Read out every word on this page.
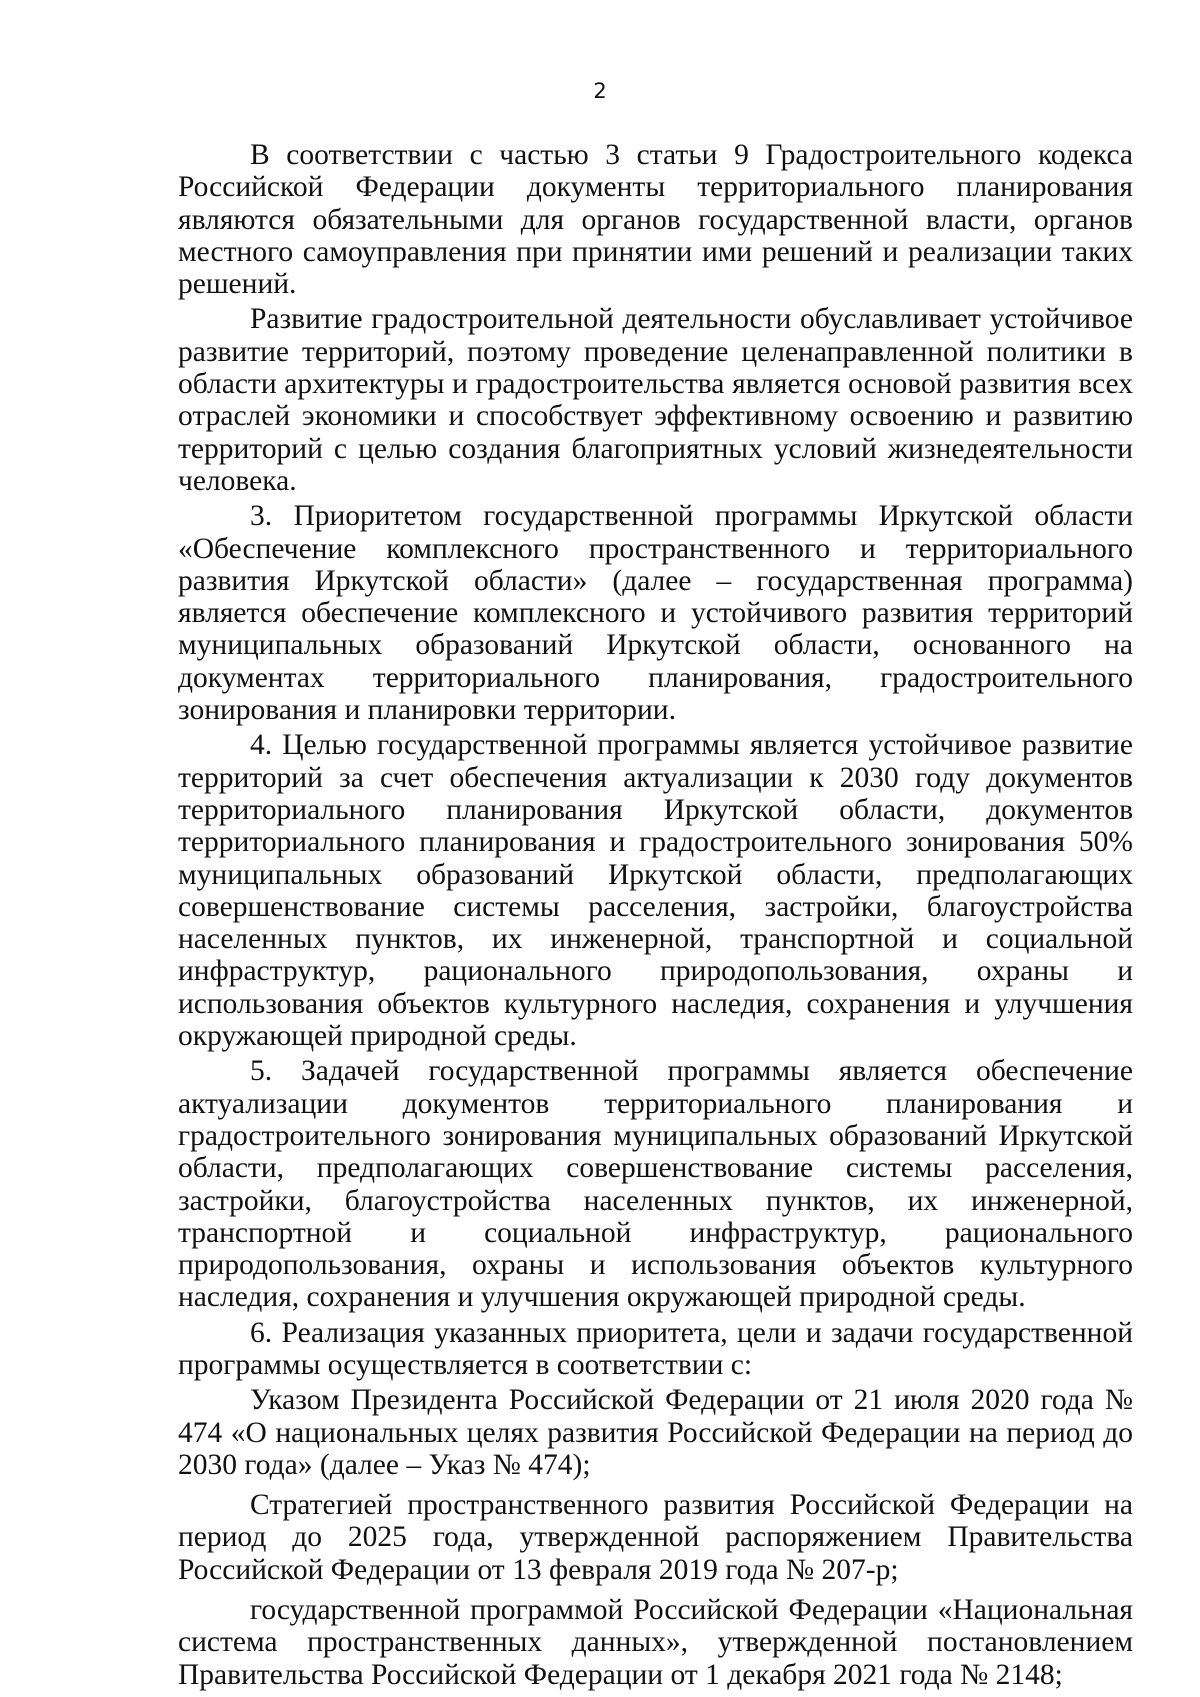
2

В соответствии с частью 3 статьи 9 Градостроительного кодекса Российской Федерации документы территориального планирования являются обязательными для органов государственной власти, органов местного самоуправления при принятии ими решений и реализации таких решений.

Развитие градостроительной деятельности обуславливает устойчивое развитие территорий, поэтому проведение целенаправленной политики в области архитектуры и градостроительства является основой развития всех отраслей экономики и способствует эффективному освоению и развитию территорий с целью создания благоприятных условий жизнедеятельности человека.

3. Приоритетом государственной программы Иркутской области «Обеспечение комплексного пространственного и территориального развития Иркутской области» (далее – государственная программа) является обеспечение комплексного и устойчивого развития территорий муниципальных образований Иркутской области, основанного на документах территориального планирования, градостроительного зонирования и планировки территории.

4. Целью государственной программы является устойчивое развитие территорий за счет обеспечения актуализации к 2030 году документов территориального планирования Иркутской области, документов территориального планирования и градостроительного зонирования 50% муниципальных образований Иркутской области, предполагающих совершенствование системы расселения, застройки, благоустройства населенных пунктов, их инженерной, транспортной и социальной инфраструктур, рационального природопользования, охраны и использования объектов культурного наследия, сохранения и улучшения окружающей природной среды.

5. Задачей государственной программы является обеспечение актуализации документов территориального планирования и градостроительного зонирования муниципальных образований Иркутской области, предполагающих совершенствование системы расселения, застройки, благоустройства населенных пунктов, их инженерной, транспортной и социальной инфраструктур, рационального природопользования, охраны и использования объектов культурного наследия, сохранения и улучшения окружающей природной среды.

6. Реализация указанных приоритета, цели и задачи государственной программы осуществляется в соответствии с:

Указом Президента Российской Федерации от 21 июля 2020 года № 474 «О национальных целях развития Российской Федерации на период до 2030 года» (далее – Указ № 474);

Стратегией пространственного развития Российской Федерации на период до 2025 года, утвержденной распоряжением Правительства Российской Федерации от 13 февраля 2019 года № 207-р;

государственной программой Российской Федерации «Национальная система пространственных данных», утвержденной постановлением Правительства Российской Федерации от 1 декабря 2021 года № 2148;
